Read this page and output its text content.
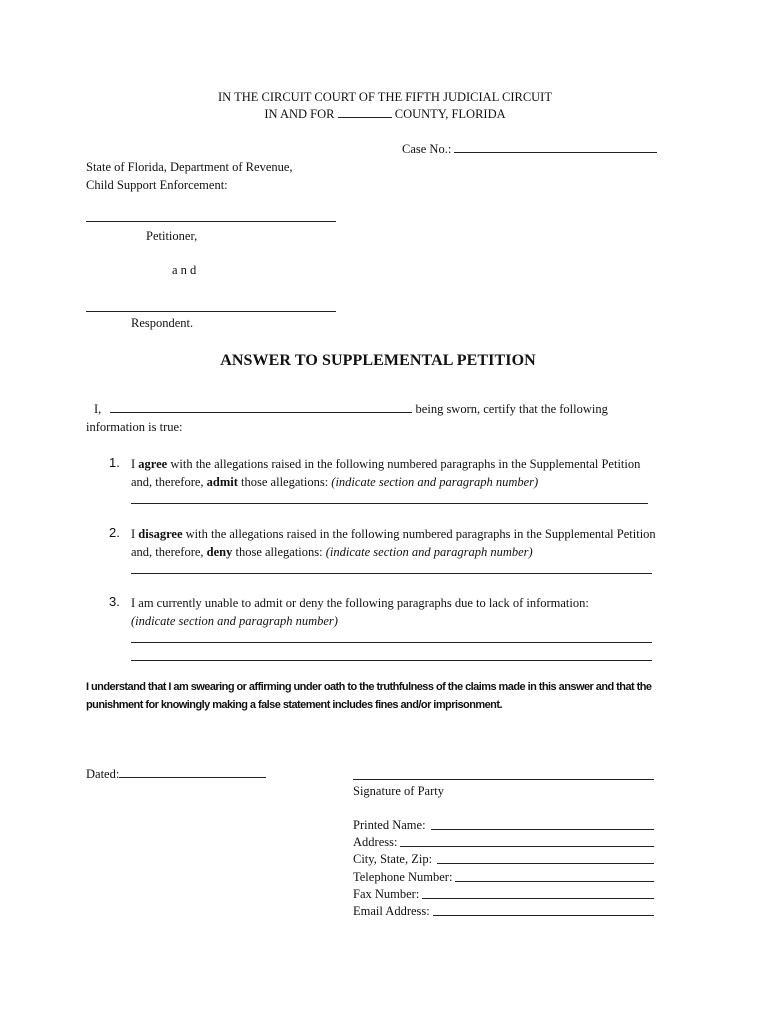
IN THE CIRCUIT COURT OF THE FIFTH JUDICIAL CIRCUIT
IN AND FOR	COUNTY, FLORIDA
Case No.:
State of Florida, Department of Revenue,
Child Support Enforcement:
Petitioner,
a n d
Respondent.
ANSWER TO SUPPLEMENTAL PETITION
I,	being sworn, certify that the following
information is true:
1. I agree with the allegations raised in the following numbered paragraphs in the Supplemental Petition
and, therefore, admit those allegations: (indicate section and paragraph number)
2. I disagree with the allegations raised in the following numbered paragraphs in the Supplemental Petition
and, therefore, deny those allegations: (indicate section and paragraph number)
3. I am currently unable to admit or deny the following paragraphs due to lack of information:
(indicate section and paragraph number)
I understand that I am swearing or affirming under oath to the truthfulness of the claims made in this answer and that the
punishment for knowingly making a false statement includes fines and/or imprisonment.
Dated:
Signature of Party
Printed Name:
Address:
City, State, Zip:
Telephone Number:
Fax Number:
Email Address:
